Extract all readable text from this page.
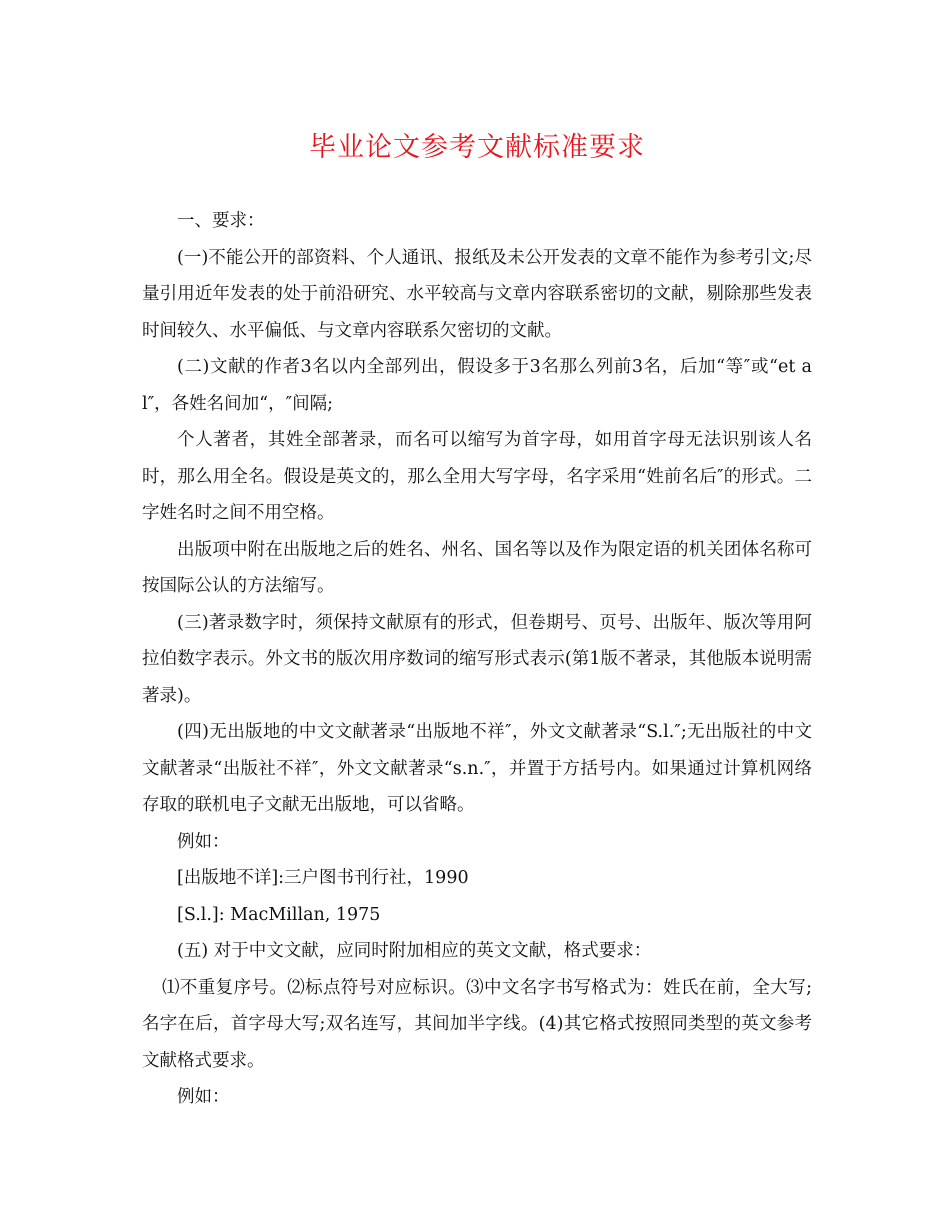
毕业论文参考文献标准要求

一、要求：

(一)不能公开的部资料、个人通讯、报纸及未公开发表的文章不能作为参考引文;尽量引用近年发表的处于前沿研究、水平较高与文章内容联系密切的文献，剔除那些发表时间较久、水平偏低、与文章内容联系欠密切的文献。

(二)文献的作者3名以内全部列出，假设多于3名那么列前3名，后加“等″或“et al″，各姓名间加“，″间隔;

个人著者，其姓全部著录，而名可以缩写为首字母，如用首字母无法识别该人名时，那么用全名。假设是英文的，那么全用大写字母，名字采用“姓前名后″的形式。二字姓名时之间不用空格。

出版项中附在出版地之后的姓名、州名、国名等以及作为限定语的机关团体名称可按国际公认的方法缩写。

(三)著录数字时，须保持文献原有的形式，但卷期号、页号、出版年、版次等用阿拉伯数字表示。外文书的版次用序数词的缩写形式表示(第1版不著录，其他版本说明需著录)。

(四)无出版地的中文文献著录“出版地不祥″，外文文献著录“S.l.″;无出版社的中文文献著录“出版社不祥″，外文文献著录“s.n.″，并置于方括号内。如果通过计算机网络存取的联机电子文献无出版地，可以省略。

例如：

[出版地不详]:三户图书刊行社，1990

[S.l.]: MacMillan, 1975

(五) 对于中文文献，应同时附加相应的英文文献，格式要求：

⑴不重复序号。⑵标点符号对应标识。⑶中文名字书写格式为：姓氏在前，全大写;名字在后，首字母大写;双名连写，其间加半字线。(4)其它格式按照同类型的英文参考文献格式要求。

例如：
